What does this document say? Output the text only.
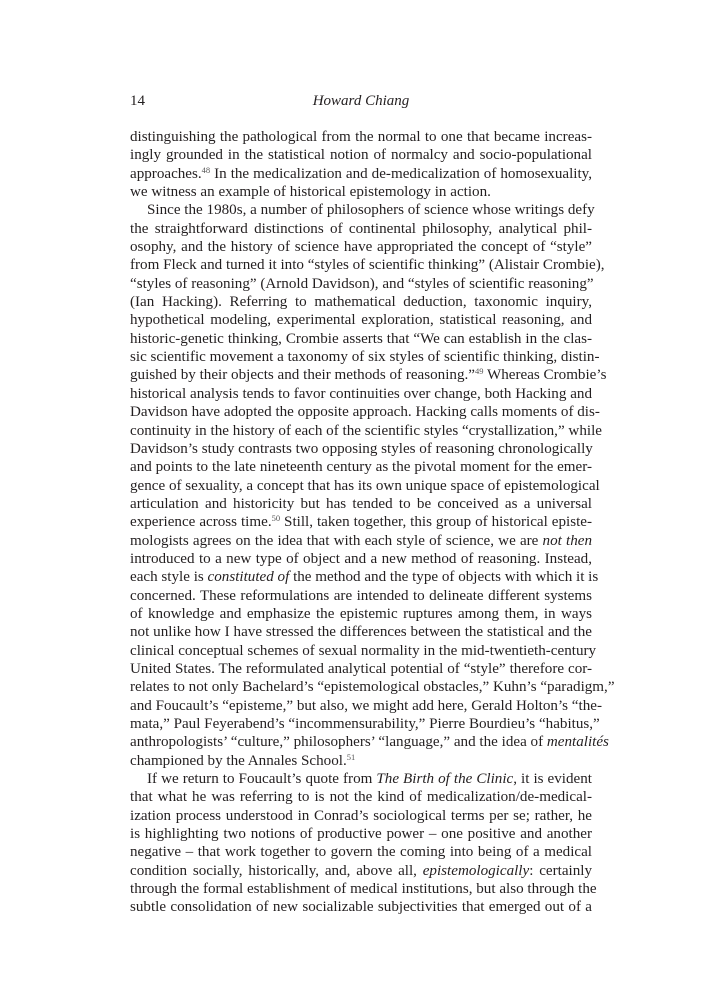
14	Howard Chiang
distinguishing the pathological from the normal to one that became increas-
ingly grounded in the statistical notion of normalcy and socio-populational
approaches.$^{48}$ In the medicalization and de-medicalization of homosexuality,
we witness an example of historical epistemology in action.
Since the 1980s, a number of philosophers of science whose writings defy
the straightforward distinctions of continental philosophy, analytical phil-
osophy, and the history of science have appropriated the concept of “style”
from Fleck and turned it into “styles of scientific thinking” (Alistair Crombie),
“styles of reasoning” (Arnold Davidson), and “styles of scientific reasoning”
(Ian Hacking). Referring to mathematical deduction, taxonomic inquiry,
hypothetical modeling, experimental exploration, statistical reasoning, and
historic-genetic thinking, Crombie asserts that “We can establish in the clas-
sic scientific movement a taxonomy of six styles of scientific thinking, distin-
guished by their objects and their methods of reasoning.”$^{49}$ Whereas Crombie’s
historical analysis tends to favor continuities over change, both Hacking and
Davidson have adopted the opposite approach. Hacking calls moments of dis-
continuity in the history of each of the scientific styles “crystallization,” while
Davidson’s study contrasts two opposing styles of reasoning chronologically
and points to the late nineteenth century as the pivotal moment for the emer-
gence of sexuality, a concept that has its own unique space of epistemological
articulation and historicity but has tended to be conceived as a universal
experience across time.$^{50}$ Still, taken together, this group of historical episte-
mologists agrees on the idea that with each style of science, we are not then
introduced to a new type of object and a new method of reasoning. Instead,
each style is constituted of the method and the type of objects with which it is
concerned. These reformulations are intended to delineate different systems
of knowledge and emphasize the epistemic ruptures among them, in ways
not unlike how I have stressed the differences between the statistical and the
clinical conceptual schemes of sexual normality in the mid-twentieth-century
United States. The reformulated analytical potential of “style” therefore cor-
relates to not only Bachelard’s “epistemological obstacles,” Kuhn’s “paradigm,”
and Foucault’s “episteme,” but also, we might add here, Gerald Holton’s “the-
mata,” Paul Feyerabend’s “incommensurability,” Pierre Bourdieu’s “habitus,”
anthropologists’ “culture,” philosophers’ “language,” and the idea of mentalités
championed by the Annales School.$^{51}$
If we return to Foucault’s quote from The Birth of the Clinic, it is evident
that what he was referring to is not the kind of medicalization/de-medical-
ization process understood in Conrad’s sociological terms per se; rather, he
is highlighting two notions of productive power – one positive and another
negative – that work together to govern the coming into being of a medical
condition socially, historically, and, above all, epistemologically: certainly
through the formal establishment of medical institutions, but also through the
subtle consolidation of new socializable subjectivities that emerged out of a
